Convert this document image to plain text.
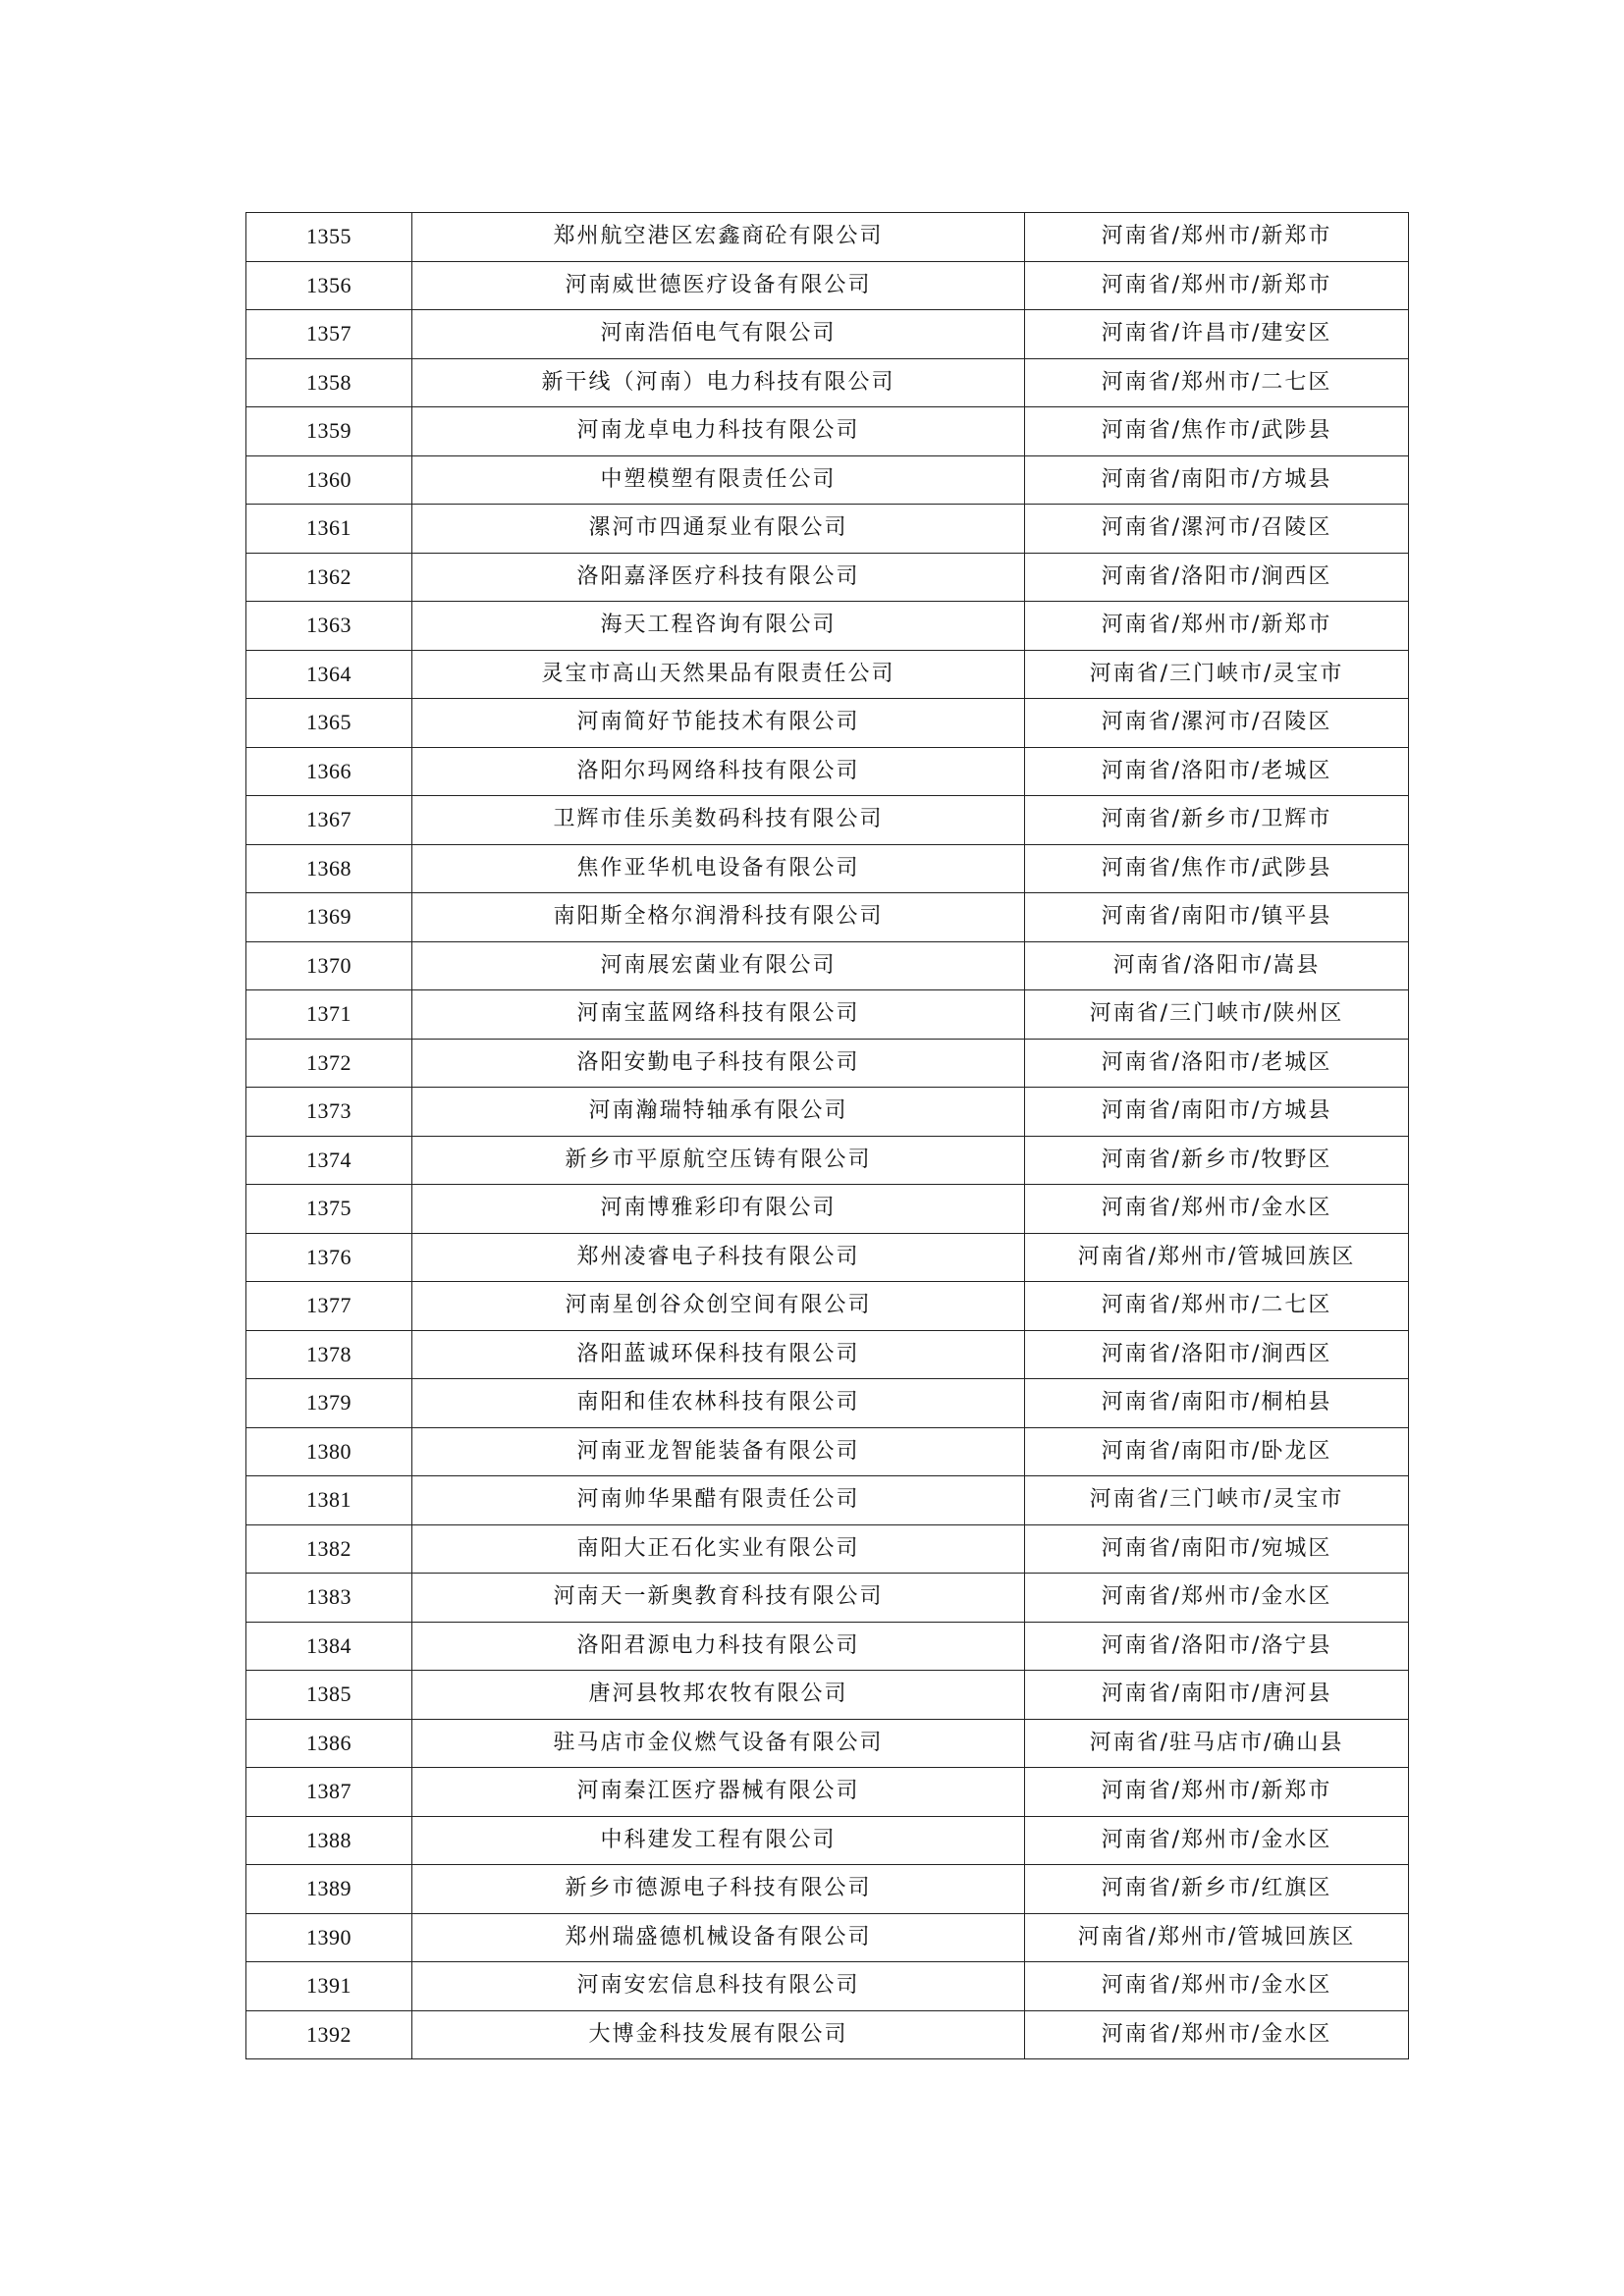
1355	郑州航空港区宏鑫商砼有限公司	河南省/郑州市/新郑市
1356	河南威世德医疗设备有限公司	河南省/郑州市/新郑市
1357	河南浩佰电气有限公司	河南省/许昌市/建安区
1358	新干线（河南）电力科技有限公司	河南省/郑州市/二七区
1359	河南龙卓电力科技有限公司	河南省/焦作市/武陟县
1360	中塑模塑有限责任公司	河南省/南阳市/方城县
1361	漯河市四通泵业有限公司	河南省/漯河市/召陵区
1362	洛阳嘉泽医疗科技有限公司	河南省/洛阳市/涧西区
1363	海天工程咨询有限公司	河南省/郑州市/新郑市
1364	灵宝市高山天然果品有限责任公司	河南省/三门峡市/灵宝市
1365	河南简好节能技术有限公司	河南省/漯河市/召陵区
1366	洛阳尔玛网络科技有限公司	河南省/洛阳市/老城区
1367	卫辉市佳乐美数码科技有限公司	河南省/新乡市/卫辉市
1368	焦作亚华机电设备有限公司	河南省/焦作市/武陟县
1369	南阳斯全格尔润滑科技有限公司	河南省/南阳市/镇平县
1370	河南展宏菌业有限公司	河南省/洛阳市/嵩县
1371	河南宝蓝网络科技有限公司	河南省/三门峡市/陕州区
1372	洛阳安勤电子科技有限公司	河南省/洛阳市/老城区
1373	河南瀚瑞特轴承有限公司	河南省/南阳市/方城县
1374	新乡市平原航空压铸有限公司	河南省/新乡市/牧野区
1375	河南博雅彩印有限公司	河南省/郑州市/金水区
1376	郑州凌睿电子科技有限公司	河南省/郑州市/管城回族区
1377	河南星创谷众创空间有限公司	河南省/郑州市/二七区
1378	洛阳蓝诚环保科技有限公司	河南省/洛阳市/涧西区
1379	南阳和佳农林科技有限公司	河南省/南阳市/桐柏县
1380	河南亚龙智能装备有限公司	河南省/南阳市/卧龙区
1381	河南帅华果醋有限责任公司	河南省/三门峡市/灵宝市
1382	南阳大正石化实业有限公司	河南省/南阳市/宛城区
1383	河南天一新奥教育科技有限公司	河南省/郑州市/金水区
1384	洛阳君源电力科技有限公司	河南省/洛阳市/洛宁县
1385	唐河县牧邦农牧有限公司	河南省/南阳市/唐河县
1386	驻马店市金仪燃气设备有限公司	河南省/驻马店市/确山县
1387	河南秦江医疗器械有限公司	河南省/郑州市/新郑市
1388	中科建发工程有限公司	河南省/郑州市/金水区
1389	新乡市德源电子科技有限公司	河南省/新乡市/红旗区
1390	郑州瑞盛德机械设备有限公司	河南省/郑州市/管城回族区
1391	河南安宏信息科技有限公司	河南省/郑州市/金水区
1392	大博金科技发展有限公司	河南省/郑州市/金水区
